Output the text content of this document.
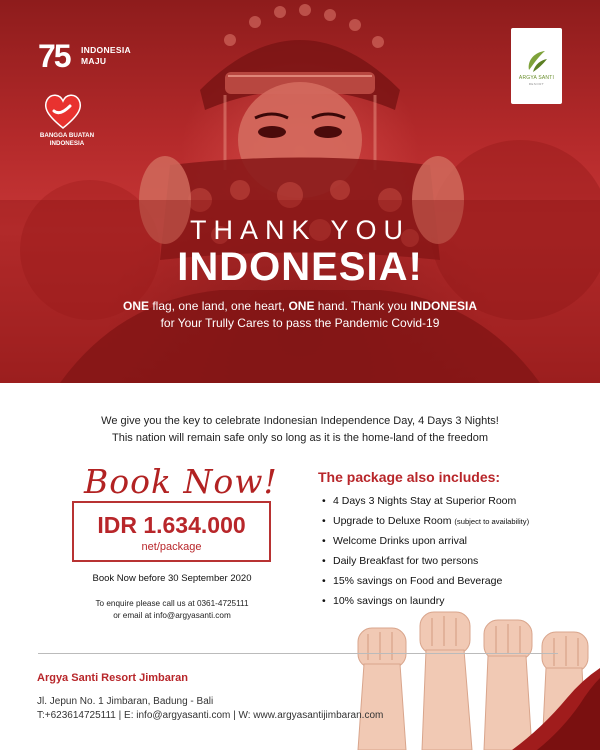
75 INDONESIA
MAJU
BANGGA BUATAN
INDONESIA
ARGYA SANTI
RESORT
THANK YOU
INDONESIA!
ONE flag, one land, one heart, ONE hand. Thank you INDONESIA
for Your Trully Cares to pass the Pandemic Covid-19
We give you the key to celebrate Indonesian Independence Day, 4 Days 3 Nights!
This nation will remain safe only so long as it is the home-land of the freedom
Book Now!
IDR 1.634.000
net/package
Book Now before 30 September 2020
To enquire please call us at 0361-4725111
or email at info@argyasanti.com
The package also includes:
• 4 Days 3 Nights Stay at Superior Room
• Upgrade to Deluxe Room (subject to availability)
• Welcome Drinks upon arrival
• Daily Breakfast for two persons
• 15% savings on Food and Beverage
• 10% savings on laundry
Argya Santi Resort Jimbaran
Jl. Jepun No. 1 Jimbaran, Badung - Bali
T:+623614725111 | E: info@argyasanti.com | W: www.argyasantijimbaran.com
